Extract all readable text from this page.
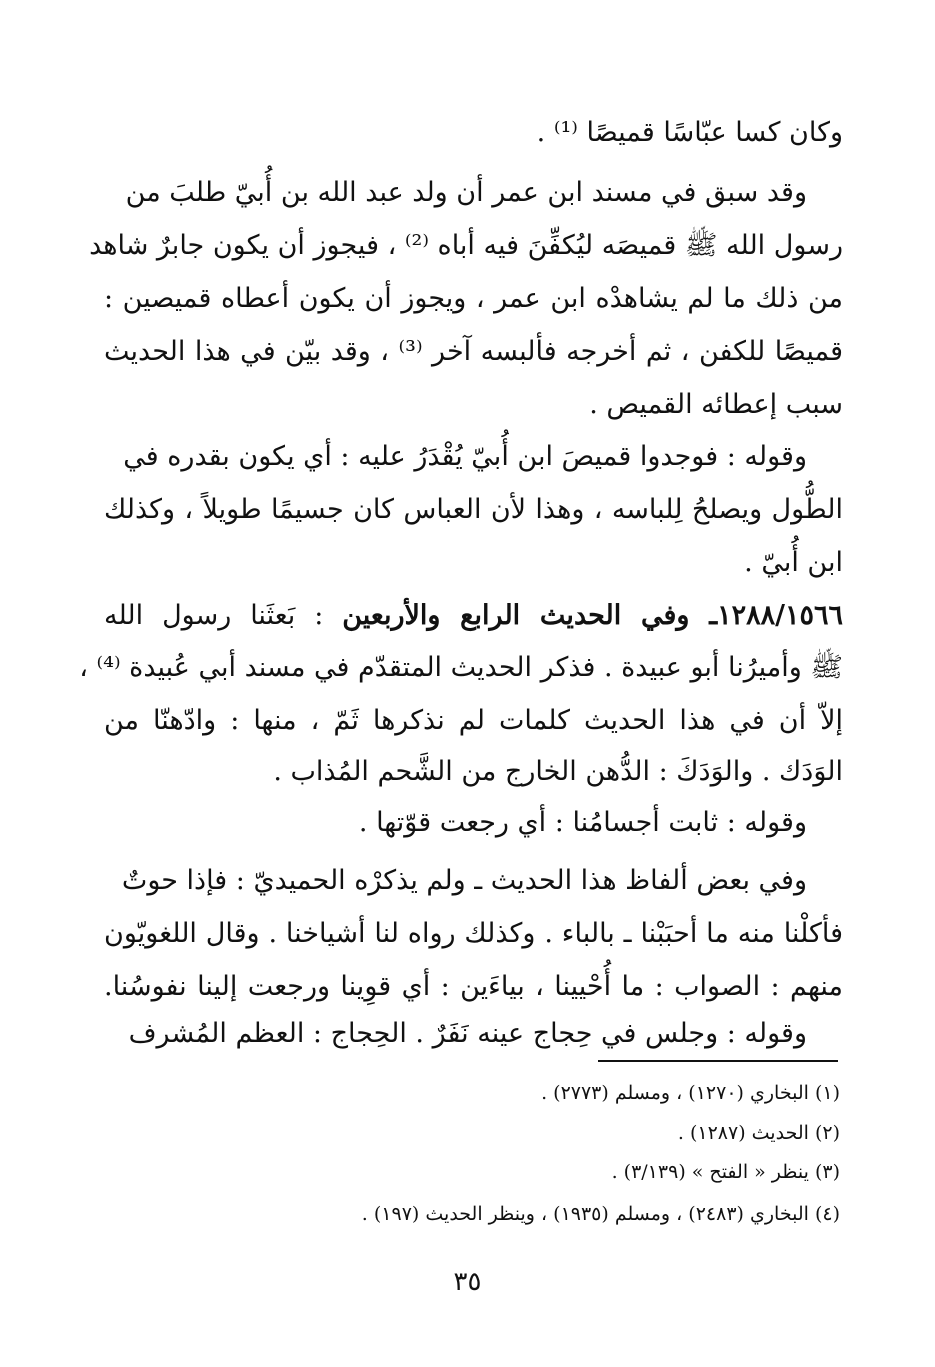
وكان كسا عبّاسًا قميصًا ⁽¹⁾ .
وقد سبق في مسند ابن عمر أن ولد عبد الله بن أُبيّ طلبَ من
رسول الله ﷺ قميصَه ليُكفِّنَ فيه أباه ⁽²⁾ ، فيجوز أن يكون جابرٌ شاهد
من ذلك ما لم يشاهدْه ابن عمر ، ويجوز أن يكون أعطاه قميصين :
قميصًا للكفن ، ثم أخرجه فألبسه آخر ⁽³⁾ ، وقد بيّن في هذا الحديث
سبب إعطائه القميص .
وقوله : فوجدوا قميصَ ابن أُبيّ يُقْدَرُ عليه : أي يكون بقدره في
الطُّول ويصلحُ لِلباسه ، وهذا لأن العباس كان جسيمًا طويلاً ، وكذلك
ابن أُبيّ .
١٢٨٨/١٥٦٦ـ وفي الحديث الرابع والأربعين : بَعثَنا رسول الله
ﷺ وأميرُنا أبو عبيدة . فذكر الحديث المتقدّم في مسند أبي عُبيدة ⁽⁴⁾ ،
إلاّ أن في هذا الحديث كلمات لم نذكرها ثَمّ ، منها : وادّهنّا من
الوَدَك . والوَدَكَ : الدُّهن الخارج من الشَّحم المُذاب .
وقوله : ثابت أجسامُنا : أي رجعت قوّتها .
وفي بعض ألفاظ هذا الحديث ـ ولم يذكرْه الحميديّ : فإذا حوتٌ
فأكلْنا منه ما أحبَبْنا ـ بالباء . وكذلك رواه لنا أشياخنا . وقال اللغويّون
منهم : الصواب : ما أُحْيينا ، بياءَين : أي قوِينا ورجعت إلينا نفوسُنا.
وقوله : وجلس في حِجاج عينه نَفَرٌ . الحِجاج : العظم المُشرف
(١) البخاري (١٢٧٠) ، ومسلم (٢٧٧٣) .
(٢) الحديث (١٢٨٧) .
(٣) ينظر « الفتح » (٣/١٣٩) .
(٤) البخاري (٢٤٨٣) ، ومسلم (١٩٣٥) ، وينظر الحديث (١٩٧) .
٣٥
